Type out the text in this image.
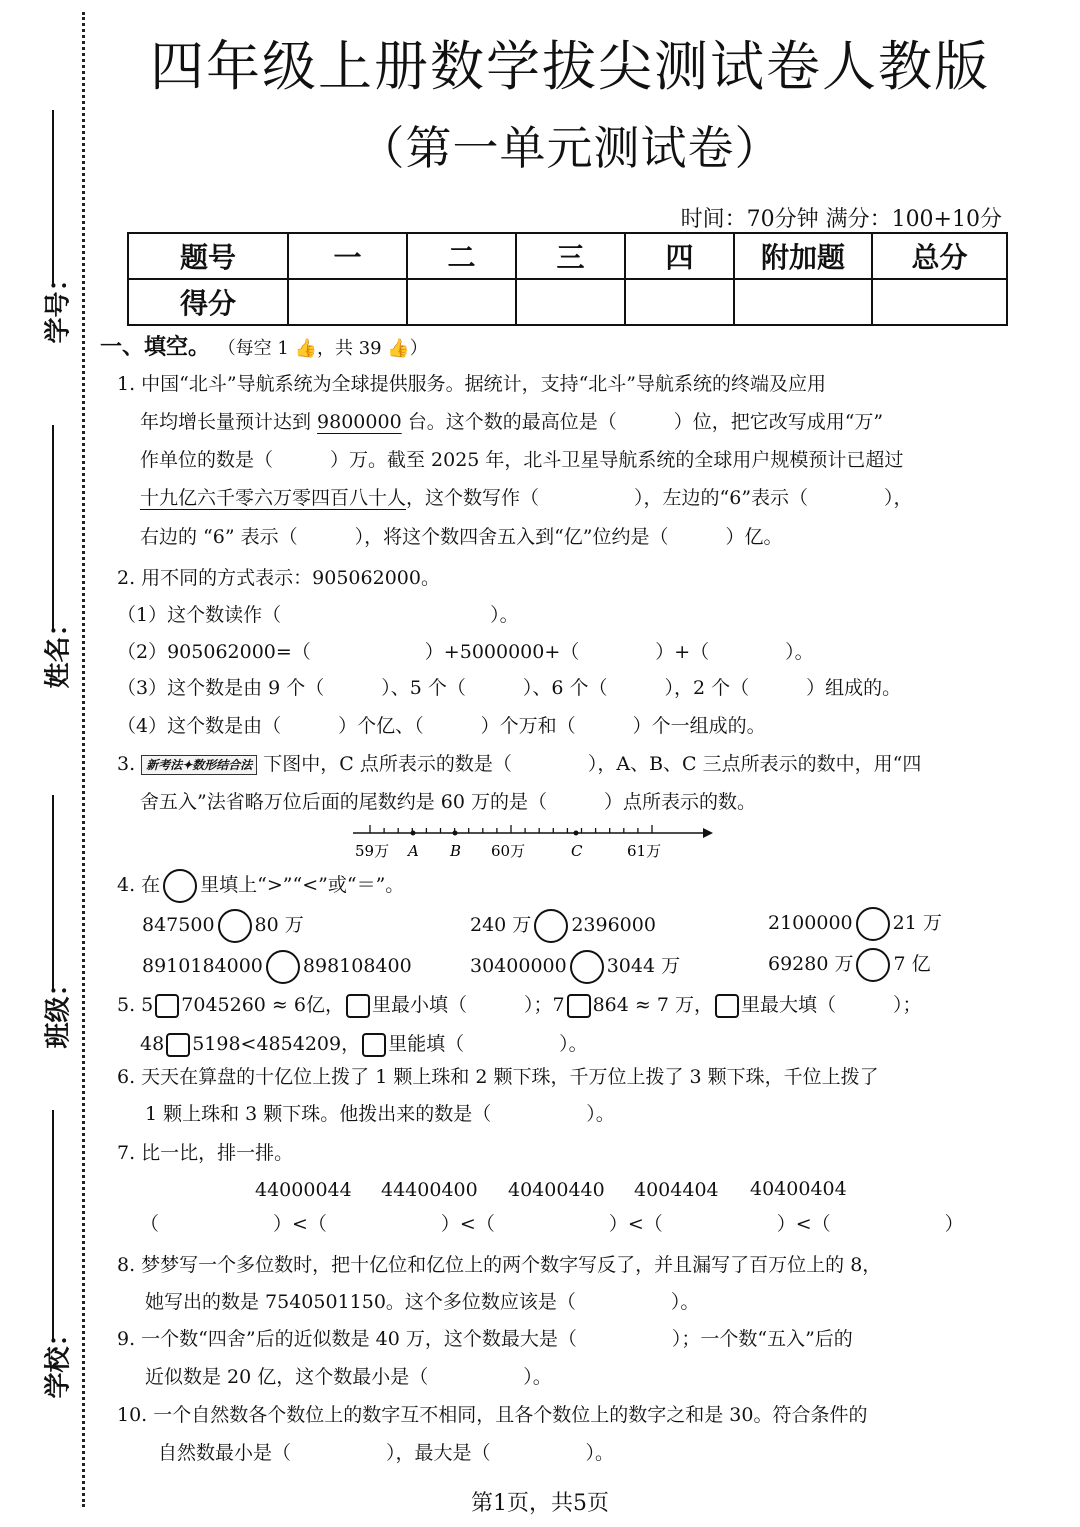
学号：
姓名：
班级：
学校：
四年级上册数学拔尖测试卷人教版
（第一单元测试卷）
时间：70分钟 满分：100+10分
题号	一	二	三	四	附加题	总分
得分						
一、填空。 （每空 1 👍，共 39 👍）
1. 中国“北斗”导航系统为全球提供服务。据统计，支持“北斗”导航系统的终端及应用
年均增长量预计达到 9800000 台。这个数的最高位是（　　　）位，把它改写成用“万”
作单位的数是（　　　）万。截至 2025 年，北斗卫星导航系统的全球用户规模预计已超过
十九亿六千零六万零四百八十人，这个数写作（　　　　　），左边的“6”表示（　　　　），
右边的 “6” 表示（　　　），将这个数四舍五入到“亿”位约是（　　　）亿。
2. 用不同的方式表示：905062000。
（1）这个数读作（　　　　　　　　　　　）。
（2）905062000=（　　　　　　）+5000000+（　　　　）+（　　　　）。
（3）这个数是由 9 个（　　　）、5 个（　　　）、6 个（　　　），2 个（　　　）组成的。
（4）这个数是由（　　　）个亿、（　　　）个万和（　　　）个一组成的。
3. 新考法✦数形结合法 下图中，C 点所表示的数是（　　　　），A、B、C 三点所表示的数中，用“四
舍五入”法省略万位后面的尾数约是 60 万的是（　　　）点所表示的数。
59万 A B 60万	C	61万
4. 在 里填上“>”“<”或“＝”。
847500 80 万	240 万 2396000	2100000 21 万
8910184000 898108400	30400000 3044 万	69280 万 7 亿
5. 5 7045260 ≈ 6亿， 里最小填（　　　）；7 864 ≈ 7 万， 里最大填（　　　）；
48 5198<4854209， 里能填（　　　　　）。
6. 天天在算盘的十亿位上拨了 1 颗上珠和 2 颗下珠，千万位上拨了 3 颗下珠，千位上拨了
1 颗上珠和 3 颗下珠。他拨出来的数是（　　　　　）。
7. 比一比，排一排。
44000044 44400400 40400440 4004404 40400404
（　　　　　　）<（　　　　　　）<（　　　　　　）<（　　　　　　）<（　　　　　　）
8. 梦梦写一个多位数时，把十亿位和亿位上的两个数字写反了，并且漏写了百万位上的 8，
她写出的数是 7540501150。这个多位数应该是（　　　　　）。
9. 一个数“四舍”后的近似数是 40 万，这个数最大是（　　　　　）；一个数“五入”后的
近似数是 20 亿，这个数最小是（　　　　　）。
10. 一个自然数各个数位上的数字互不相同，且各个数位上的数字之和是 30。符合条件的
自然数最小是（　　　　　），最大是（　　　　　）。
第1页，共5页
